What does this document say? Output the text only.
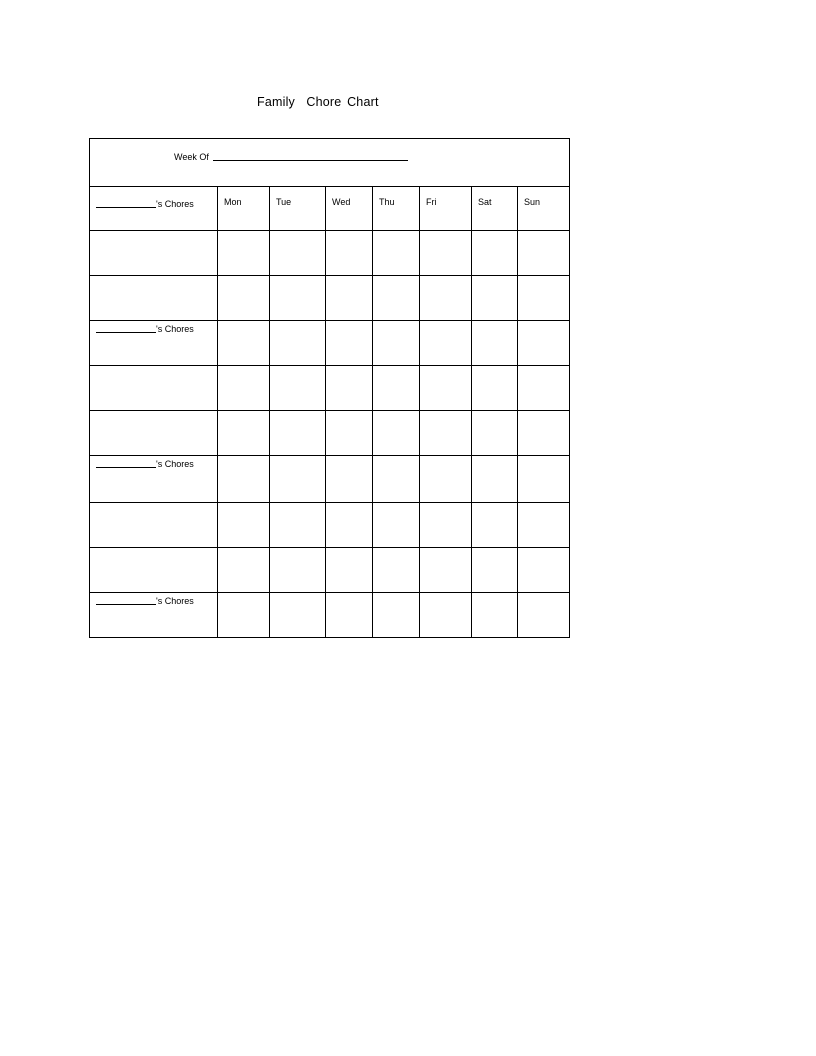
Family  Chore Chart
Week Of							

's Chores	Mon	Tue	Wed	Thu	Fri	Sat	Sun

's Chores							

's Chores							

's Chores							
